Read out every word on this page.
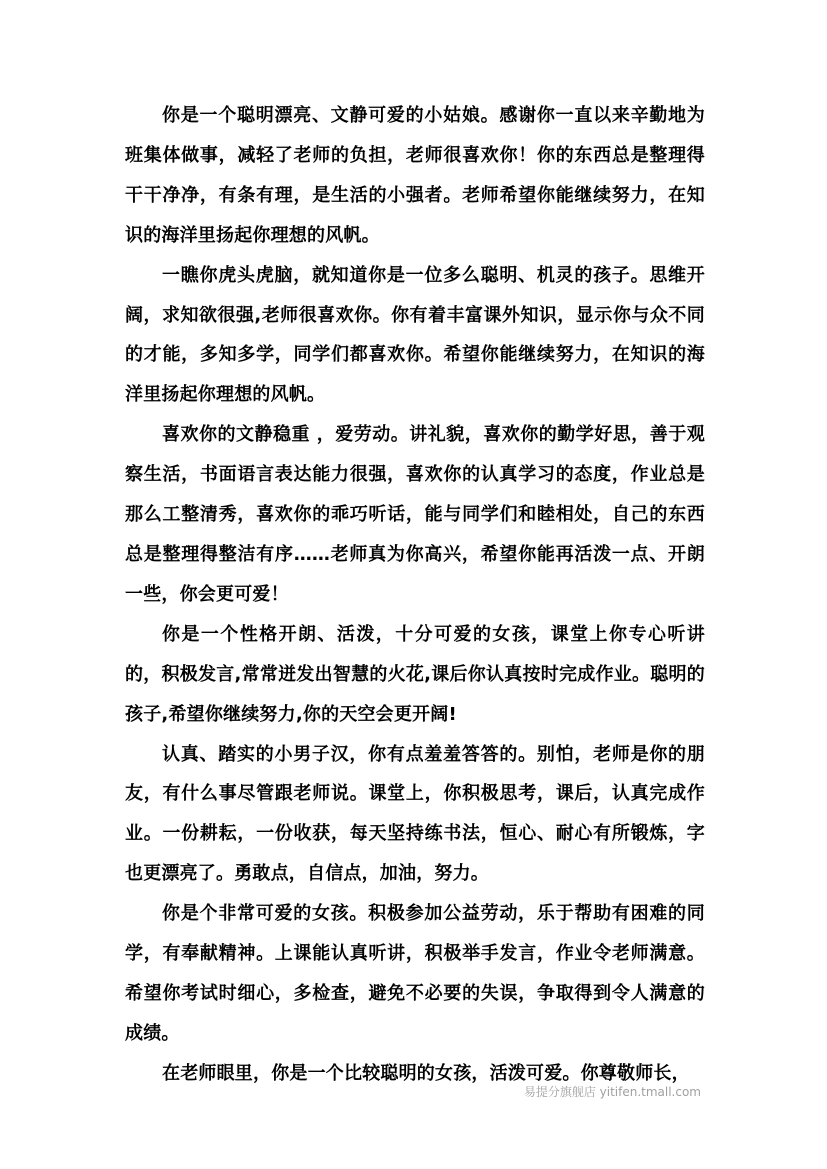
你是一个聪明漂亮、文静可爱的小姑娘。感谢你一直以来辛勤地为班集体做事，减轻了老师的负担，老师很喜欢你！你的东西总是整理得干干净净，有条有理，是生活的小强者。老师希望你能继续努力，在知识的海洋里扬起你理想的风帆。

一瞧你虎头虎脑，就知道你是一位多么聪明、机灵的孩子。思维开阔，求知欲很强,老师很喜欢你。你有着丰富课外知识，显示你与众不同的才能，多知多学，同学们都喜欢你。希望你能继续努力，在知识的海洋里扬起你理想的风帆。

喜欢你的文静稳重 ，爱劳动。讲礼貌，喜欢你的勤学好思，善于观察生活，书面语言表达能力很强，喜欢你的认真学习的态度，作业总是那么工整清秀，喜欢你的乖巧听话，能与同学们和睦相处，自己的东西总是整理得整洁有序……老师真为你高兴，希望你能再活泼一点、开朗一些，你会更可爱！

你是一个性格开朗、活泼，十分可爱的女孩，课堂上你专心听讲的，积极发言,常常迸发出智慧的火花,课后你认真按时完成作业。聪明的孩子,希望你继续努力,你的天空会更开阔!

认真、踏实的小男子汉，你有点羞羞答答的。别怕，老师是你的朋友，有什么事尽管跟老师说。课堂上，你积极思考，课后，认真完成作业。一份耕耘，一份收获，每天坚持练书法，恒心、耐心有所锻炼，字也更漂亮了。勇敢点，自信点，加油，努力。

你是个非常可爱的女孩。积极参加公益劳动，乐于帮助有困难的同学，有奉献精神。上课能认真听讲，积极举手发言，作业令老师满意。希望你考试时细心，多检查，避免不必要的失误，争取得到令人满意的成绩。

在老师眼里，你是一个比较聪明的女孩，活泼可爱。你尊敬师长，

易提分旗舰店 yitifen.tmall.com
